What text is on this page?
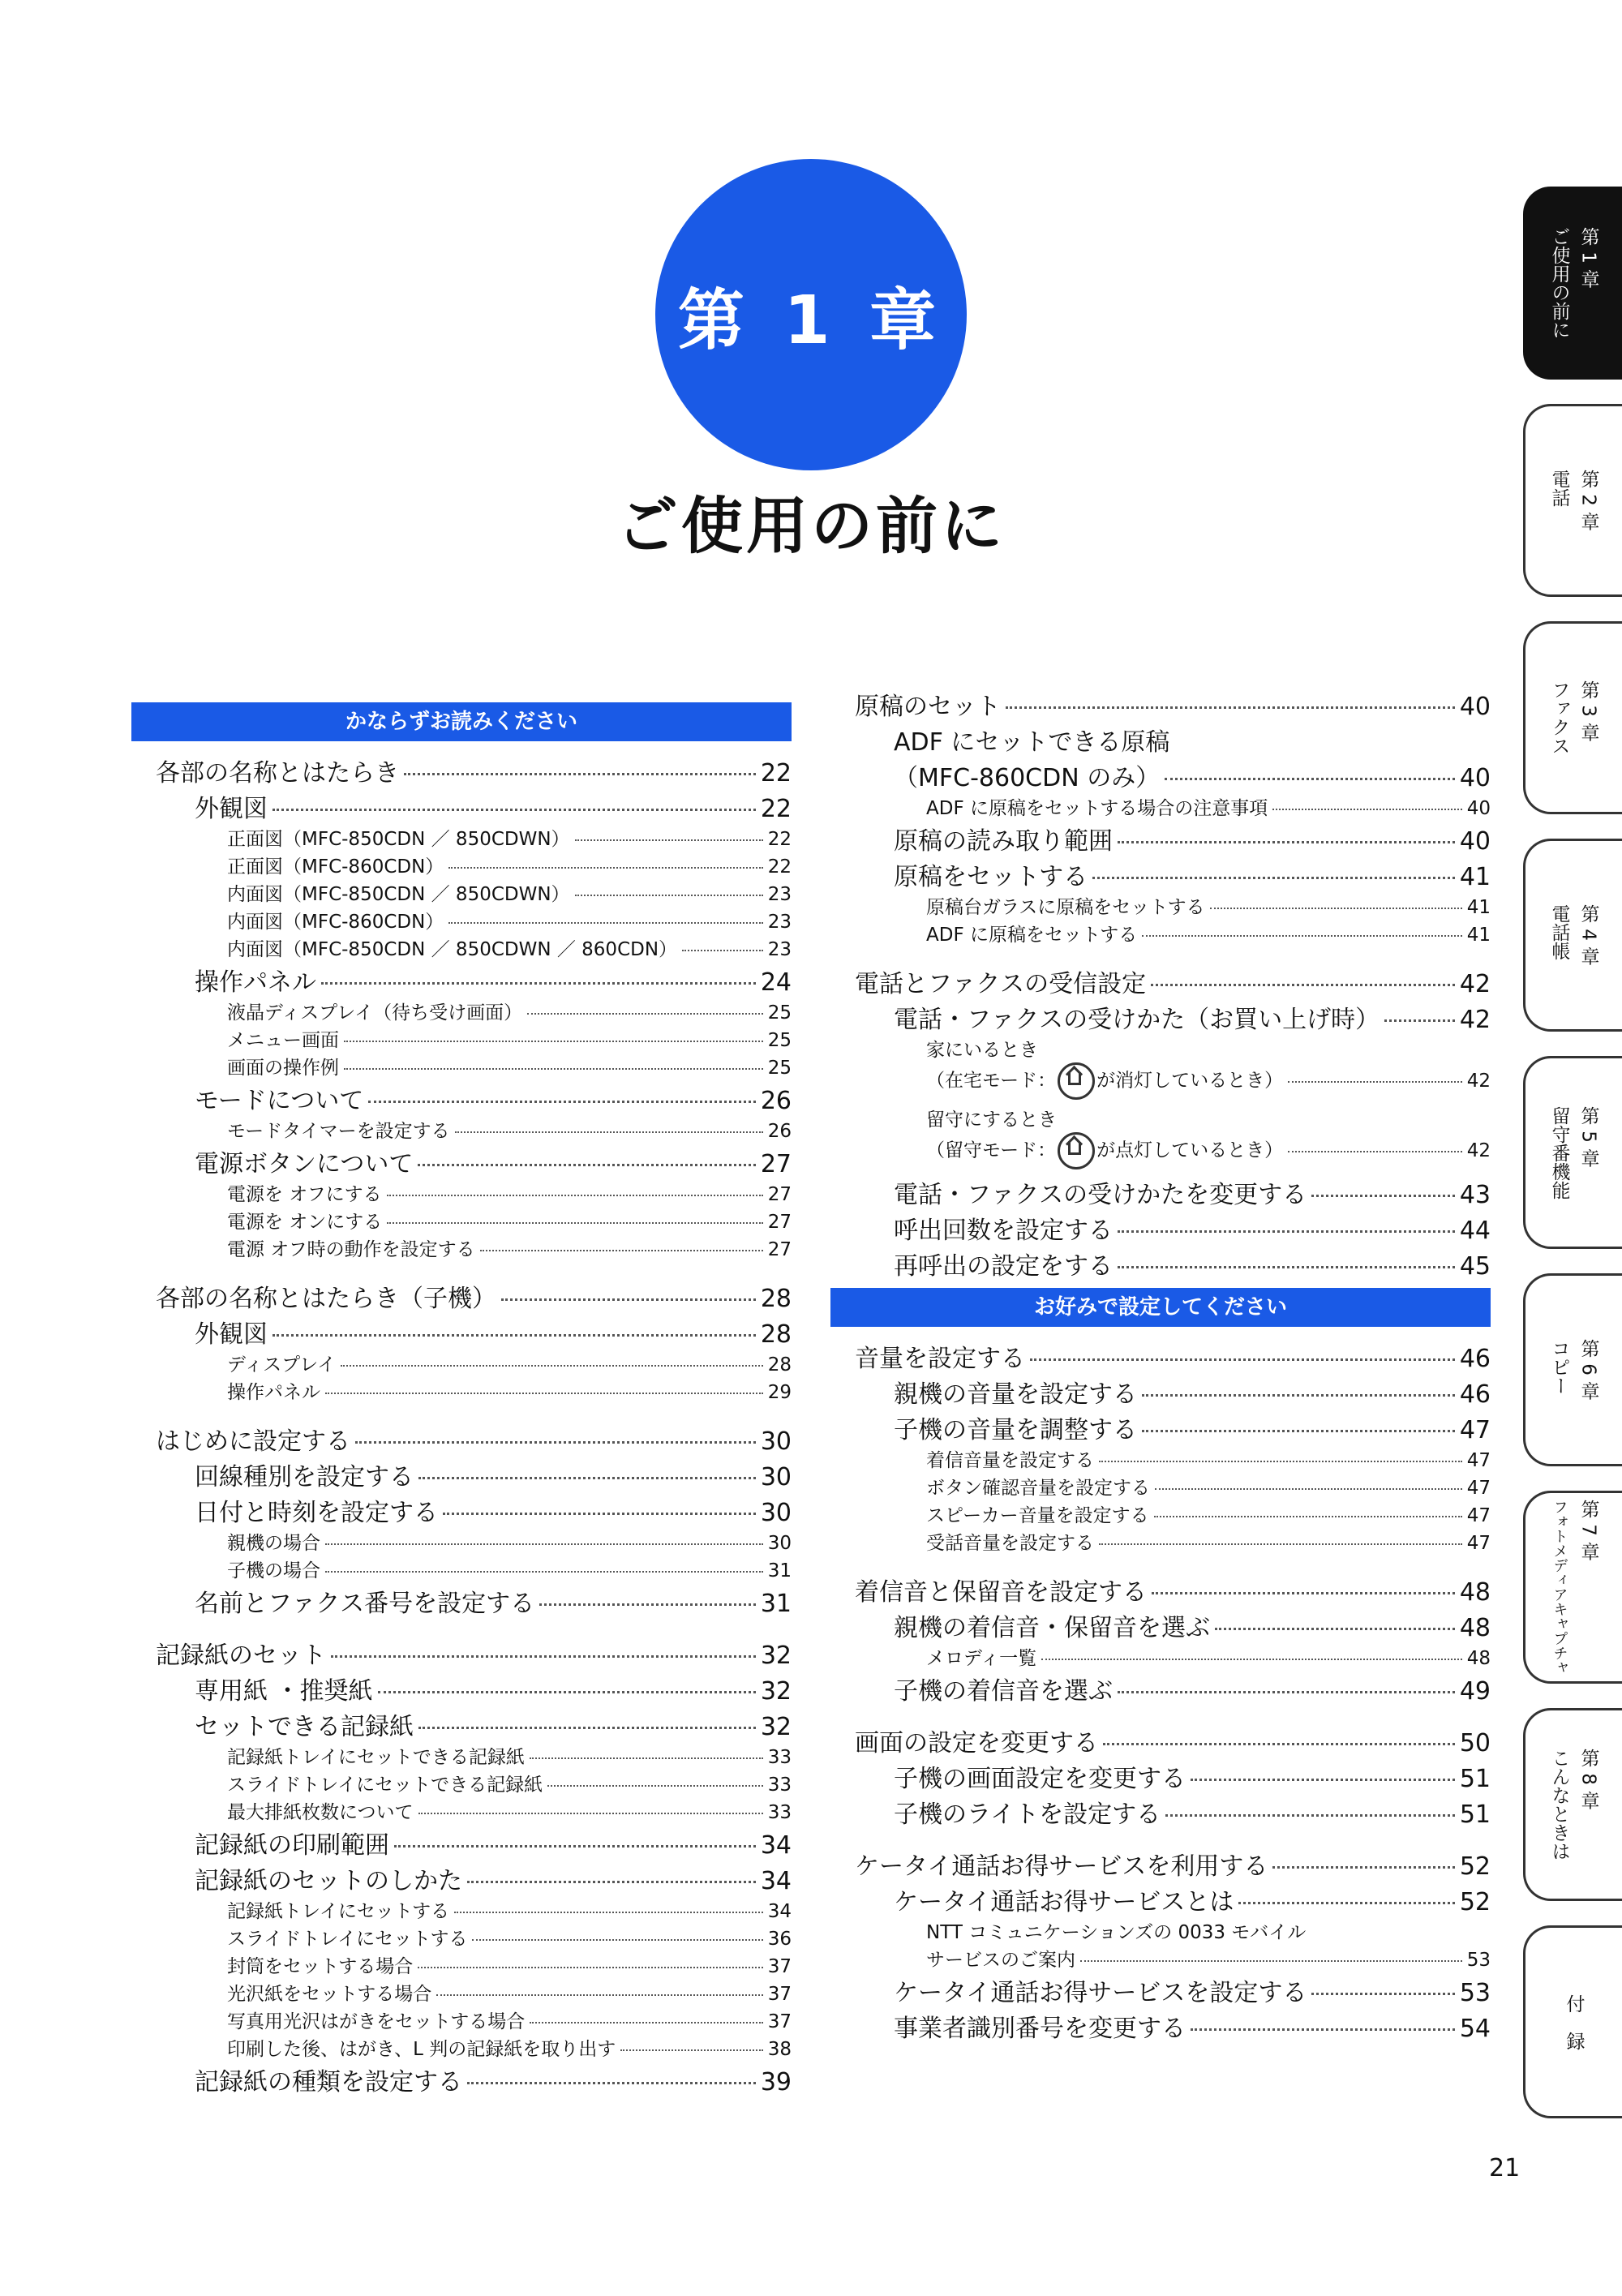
第 1 章
ご使用の前に
かならずお読みください
各部の名称とはたらき	22
外観図	22
正面図（MFC-850CDN ／ 850CDWN）	22
正面図（MFC-860CDN）	22
内面図（MFC-850CDN ／ 850CDWN）	23
内面図（MFC-860CDN）	23
内面図（MFC-850CDN ／ 850CDWN ／ 860CDN）	23
操作パネル	24
液晶ディスプレイ（待ち受け画面）	25
メニュー画面	25
画面の操作例	25
モードについて	26
モードタイマーを設定する	26
電源ボタンについて	27
電源を オフにする	27
電源を オンにする	27
電源 オフ時の動作を設定する	27
各部の名称とはたらき（子機）	28
外観図	28
ディスプレイ	28
操作パネル	29
はじめに設定する	30
回線種別を設定する	30
日付と時刻を設定する	30
親機の場合	30
子機の場合	31
名前とファクス番号を設定する	31
記録紙のセット	32
専用紙 ・推奨紙	32
セットできる記録紙	32
記録紙トレイにセットできる記録紙	33
スライドトレイにセットできる記録紙	33
最大排紙枚数について	33
記録紙の印刷範囲	34
記録紙のセットのしかた	34
記録紙トレイにセットする	34
スライドトレイにセットする	36
封筒をセットする場合	37
光沢紙をセットする場合	37
写真用光沢はがきをセットする場合	37
印刷した後、はがき、L 判の記録紙を取り出す	38
記録紙の種類を設定する	39
原稿のセット	40
ADF にセットできる原稿
（MFC-860CDN のみ）	40
ADF に原稿をセットする場合の注意事項	40
原稿の読み取り範囲	40
原稿をセットする	41
原稿台ガラスに原稿をセットする	41
ADF に原稿をセットする	41
電話とファクスの受信設定	42
電話・ファクスの受けかた（お買い上げ時）	42
家にいるとき
（在宅モード： が消灯しているとき）	42
留守にするとき
（留守モード： が点灯しているとき）	42
電話・ファクスの受けかたを変更する	43
呼出回数を設定する	44
再呼出の設定をする	45
お好みで設定してください
音量を設定する	46
親機の音量を設定する	46
子機の音量を調整する	47
着信音量を設定する	47
ボタン確認音量を設定する	47
スピーカー音量を設定する	47
受話音量を設定する	47
着信音と保留音を設定する	48
親機の着信音・保留音を選ぶ	48
メロディ一覧	48
子機の着信音を選ぶ	49
画面の設定を変更する	50
子機の画面設定を変更する	51
子機のライトを設定する	51
ケータイ通話お得サービスを利用する	52
ケータイ通話お得サービスとは	52
NTT コミュニケーションズの 0033 モバイル
サービスのご案内	53
ケータイ通話お得サービスを設定する	53
事業者識別番号を変更する	54
第 1 章
ご使用の前に
第 2 章
電話
第 3 章
ファクス
第 4 章
電話帳
第 5 章
留守番機能
第 6 章
コピー
第 7 章
フォトメディアキャプチャ
第 8 章
こんなときは
付　録
21
